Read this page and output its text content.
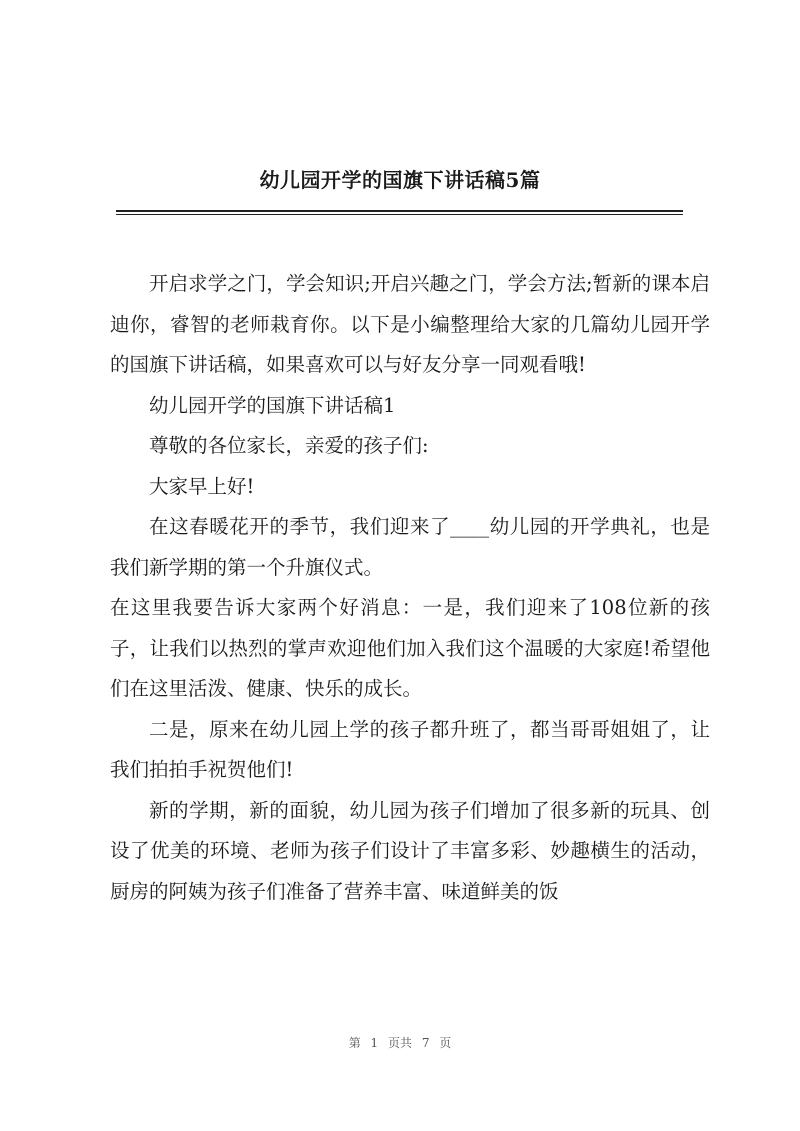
幼儿园开学的国旗下讲话稿5篇

开启求学之门，学会知识;开启兴趣之门，学会方法;暂新的课本启迪你，睿智的老师栽育你。以下是小编整理给大家的几篇幼儿园开学的国旗下讲话稿，如果喜欢可以与好友分享一同观看哦!

幼儿园开学的国旗下讲话稿1

尊敬的各位家长，亲爱的孩子们:

大家早上好!

在这春暖花开的季节，我们迎来了____幼儿园的开学典礼，也是我们新学期的第一个升旗仪式。

在这里我要告诉大家两个好消息：一是，我们迎来了108位新的孩子，让我们以热烈的掌声欢迎他们加入我们这个温暖的大家庭!希望他们在这里活泼、健康、快乐的成长。

二是，原来在幼儿园上学的孩子都升班了，都当哥哥姐姐了，让我们拍拍手祝贺他们!

新的学期，新的面貌，幼儿园为孩子们增加了很多新的玩具、创设了优美的环境、老师为孩子们设计了丰富多彩、妙趣横生的活动，厨房的阿姨为孩子们准备了营养丰富、味道鲜美的饭

第 1 页共 7 页
